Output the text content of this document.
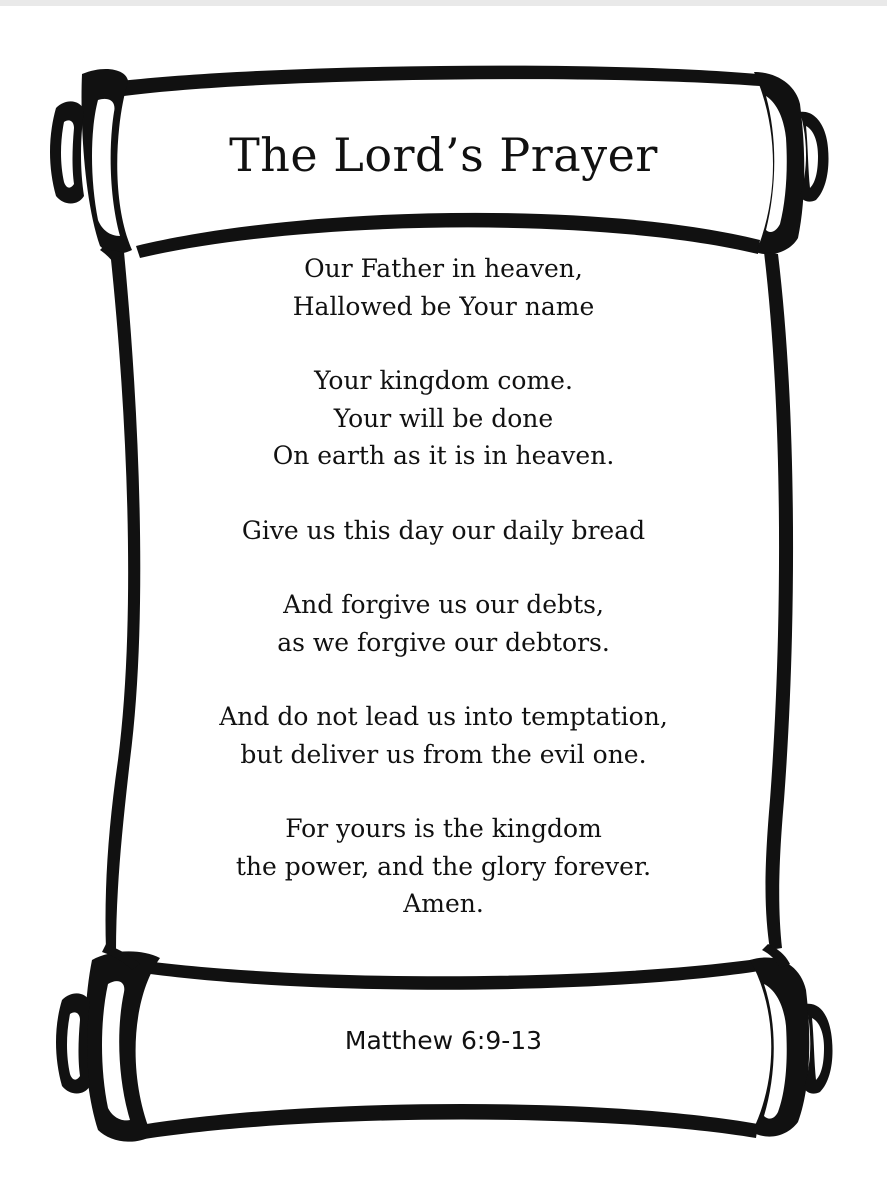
The Lord’s Prayer
Our Father in heaven,
Hallowed be Your name
Your kingdom come.
Your will be done
On earth as it is in heaven.
Give us this day our daily bread
And forgive us our debts,
as we forgive our debtors.
And do not lead us into temptation,
but deliver us from the evil one.
For yours is the kingdom
the power, and the glory forever.
Amen.
Matthew 6:9-13
